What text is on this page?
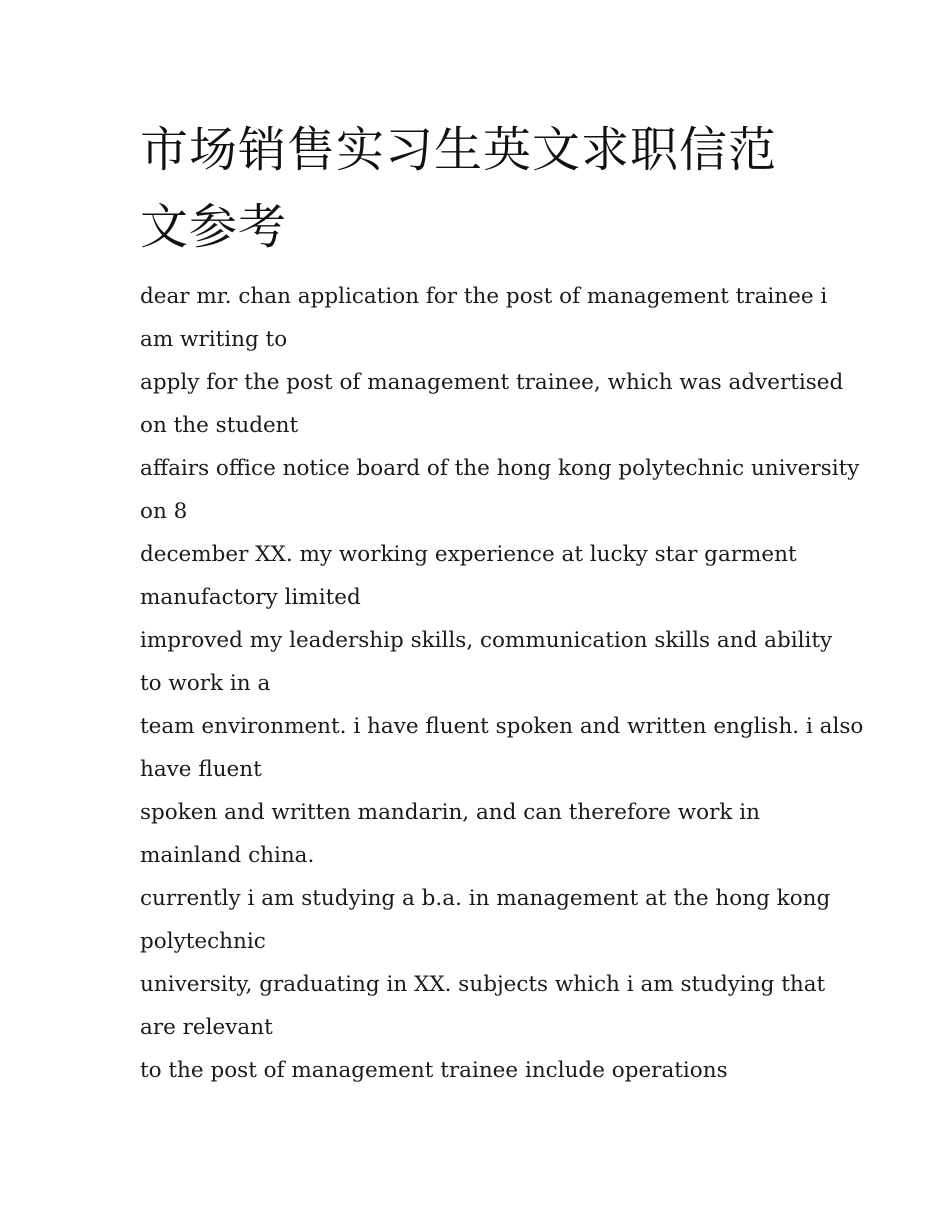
市场销售实习生英文求职信范
文参考
dear mr. chan application for the post of management trainee i
am writing to
apply for the post of management trainee, which was advertised
on the student
affairs office notice board of the hong kong polytechnic university
on 8
december XX. my working experience at lucky star garment
manufactory limited
improved my leadership skills, communication skills and ability
to work in a
team environment. i have fluent spoken and written english. i also
have fluent
spoken and written mandarin, and can therefore work in
mainland china.
currently i am studying a b.a. in management at the hong kong
polytechnic
university, graduating in XX. subjects which i am studying that
are relevant
to the post of management trainee include operations
